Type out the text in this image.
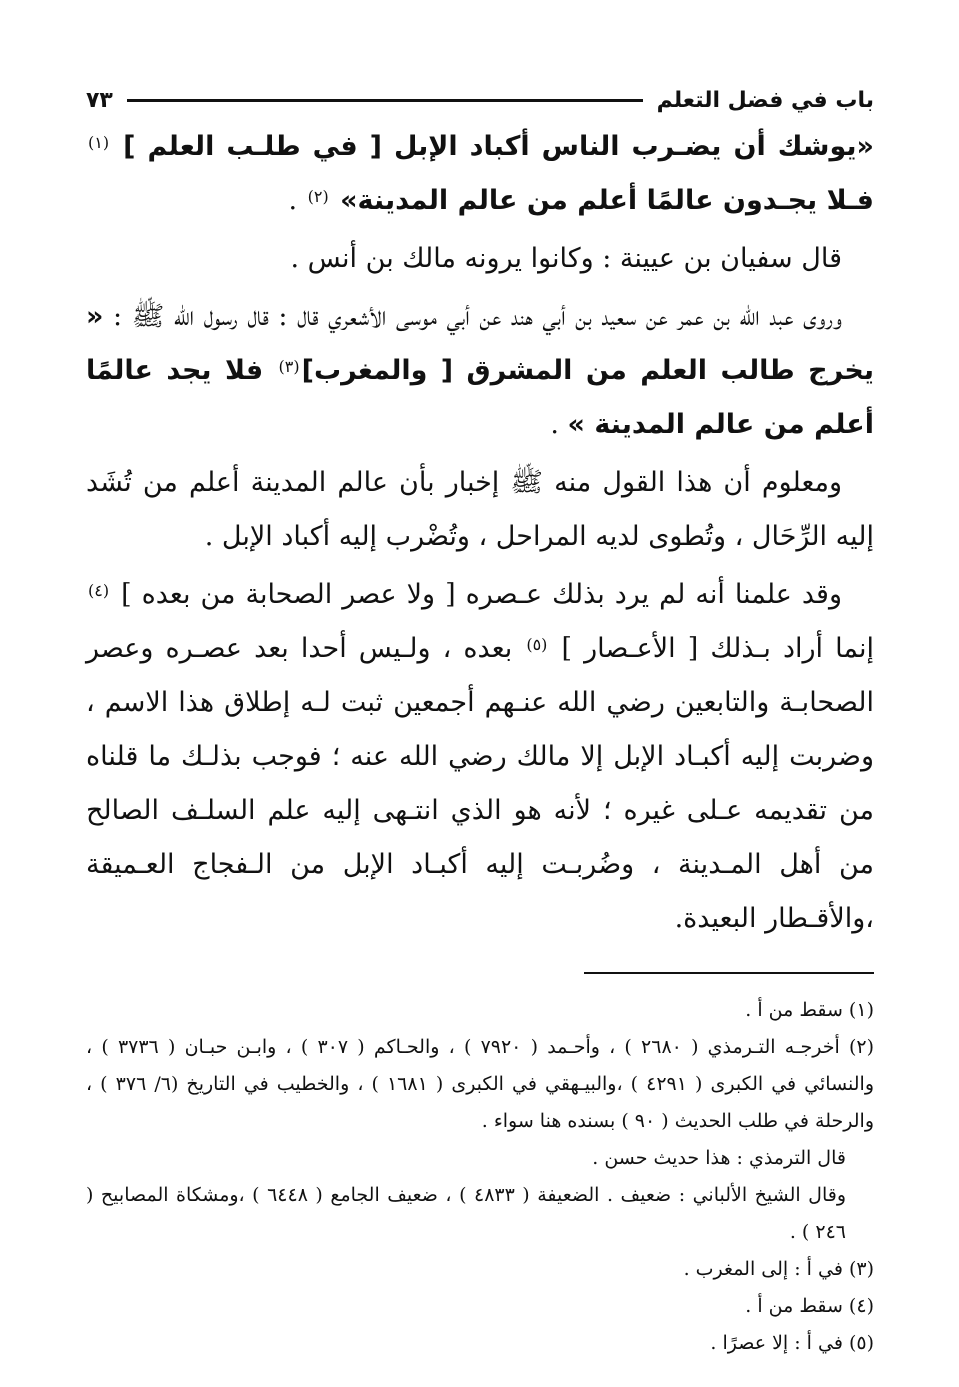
باب في فضل التعلم
٧٣

«يوشك أن يضـرب الناس أكباد الإبل [ في طلـب العلم ] $^{(١)}$ فـلا يجـدون عالمًا أعلم من عالم المدينة» $^{(٢)}$ .

قال سفيان بن عيينة : وكانوا يرونه مالك بن أنس .

وروى عبد الله بن عمر عن سعيد بن أبي هند عن أبي موسى الأشعري قال : قال رسول الله ﷺ : « يخرج طالب العلم من المشرق [ والمغرب]$^{(٣)}$ فلا يجد عالمًا أعلم من عالم المدينة » .

ومعلوم أن هذا القول منه ﷺ إخبار بأن عالم المدينة أعلم من تُشَد إليه الرِّحَال ، وتُطوى لديه المراحل ، وتُضْرب إليه أكباد الإبل .

وقد علمنا أنه لم يرد بذلك عـصره [ ولا عصر الصحابة من بعده ] $^{(٤)}$ إنما أراد بـذلك [ الأعـصار ] $^{(٥)}$ بعده ، ولـيس أحدا بعد عصـره وعصر الصحابـة والتابعين رضي الله عنـهم أجمعين ثبت لـه إطلاق هذا الاسم ، وضربت إليه أكبـاد الإبل إلا مالك رضي الله عنه ؛ فوجب بذلـك ما قلناه من تقديمه عـلى غيره ؛ لأنه هو الذي انتـهى إليه علم السلـف الصالح من أهل المـدينة ، وضُربـت إليه أكبـاد الإبل من الـفجاج العـميقة ،والأقـطار البعيدة.

(١) سقط من أ .

(٢) أخرجـه التـرمذي ( ٢٦٨٠ ) ، وأحـمد ( ٧٩٢٠ ) ، والحـاكم ( ٣٠٧ ) ، وابـن حبـان ( ٣٧٣٦ ) ، والنسائي في الكبرى ( ٤٢٩١ ) ،والبيـهقي في الكبرى ( ١٦٨١ ) ، والخطيب في التاريخ (٦/ ٣٧٦ ) ، والرحلة في طلب الحديث ( ٩٠ ) بسنده هنا سواء .

قال الترمذي : هذا حديث حسن .

وقال الشيخ الألباني : ضعيف . الضعيفة ( ٤٨٣٣ ) ، ضعيف الجامع ( ٦٤٤٨ ) ،ومشكاة المصابيح ( ٢٤٦ ) .

(٣) في أ : إلى المغرب .

(٤) سقط من أ .

(٥) في أ : إلا عصرًا .
